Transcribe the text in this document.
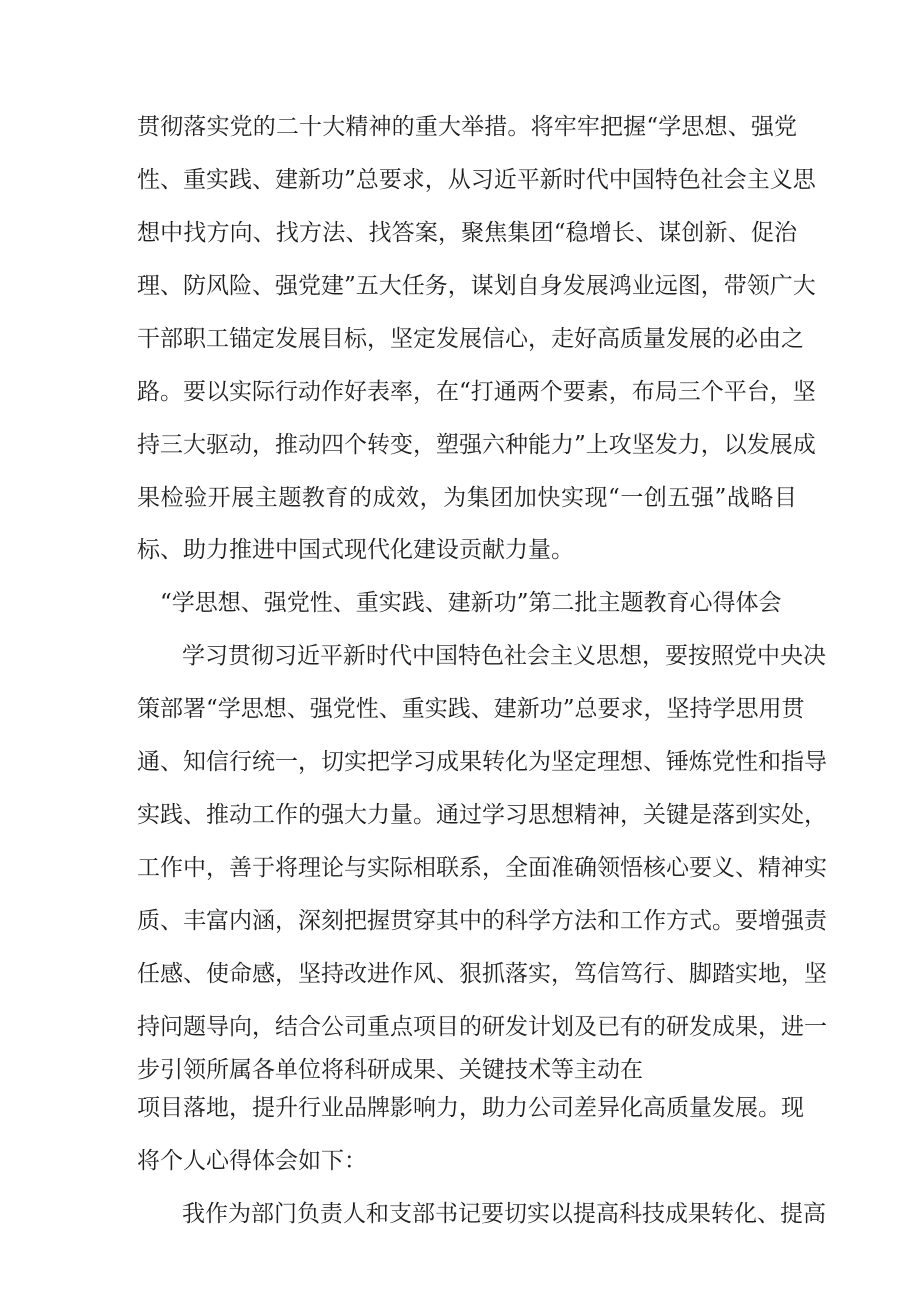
贯彻落实党的二十大精神的重大举措。将牢牢把握“学思想、强党

性、重实践、建新功”总要求，从习近平新时代中国特色社会主义思

想中找方向、找方法、找答案，聚焦集团“稳增长、谋创新、促治

理、防风险、强党建”五大任务，谋划自身发展鸿业远图，带领广大

干部职工锚定发展目标，坚定发展信心，走好高质量发展的必由之

路。要以实际行动作好表率，在“打通两个要素，布局三个平台，坚

持三大驱动，推动四个转变，塑强六种能力”上攻坚发力，以发展成

果检验开展主题教育的成效，为集团加快实现“一创五强”战略目

标、助力推进中国式现代化建设贡献力量。

“学思想、强党性、重实践、建新功”第二批主题教育心得体会

学习贯彻习近平新时代中国特色社会主义思想，要按照党中央决

策部署“学思想、强党性、重实践、建新功”总要求，坚持学思用贯

通、知信行统一，切实把学习成果转化为坚定理想、锤炼党性和指导

实践、推动工作的强大力量。通过学习思想精神，关键是落到实处，

工作中，善于将理论与实际相联系，全面准确领悟核心要义、精神实

质、丰富内涵，深刻把握贯穿其中的科学方法和工作方式。要增强责

任感、使命感，坚持改进作风、狠抓落实，笃信笃行、脚踏实地，坚

持问题导向，结合公司重点项目的研发计划及已有的研发成果，进一

步引领所属各单位将科研成果、关键技术等主动在

项目落地，提升行业品牌影响力，助力公司差异化高质量发展。现

将个人心得体会如下：

我作为部门负责人和支部书记要切实以提高科技成果转化、提高
